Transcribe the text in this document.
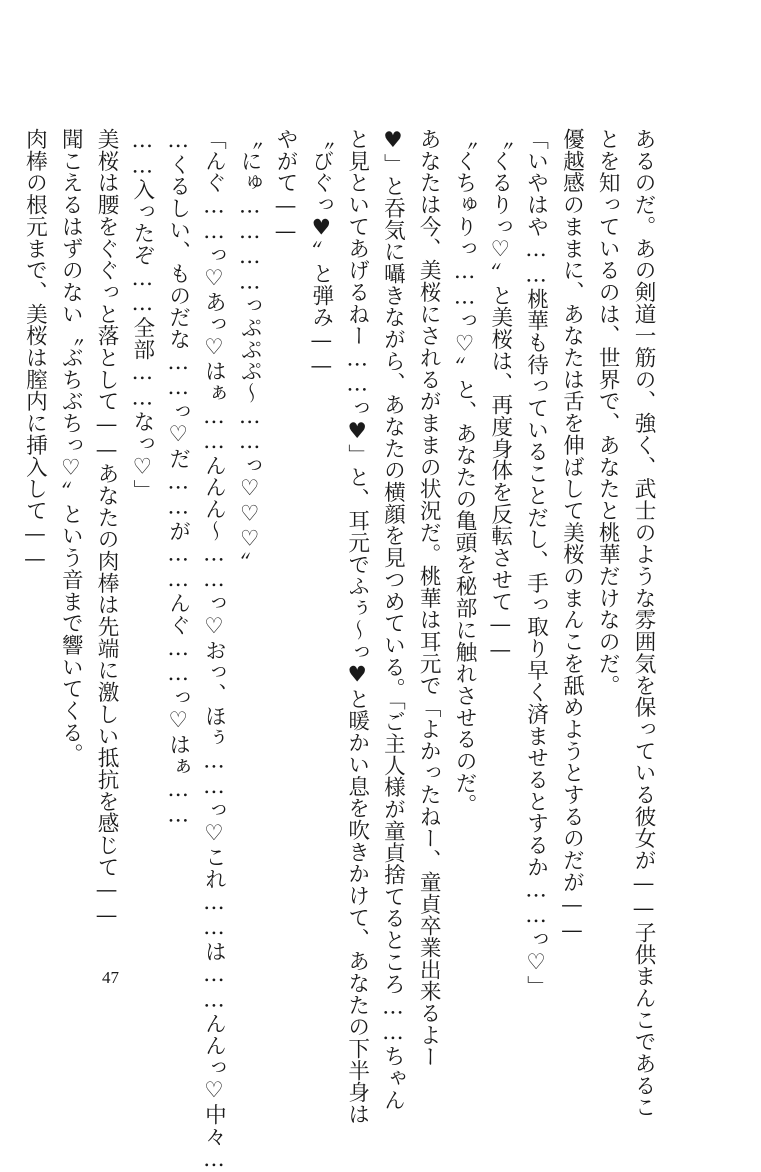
あるのだ。あの剣道一筋の、強く、武士のような雰囲気を保っている彼女が——子供まんこであるこ
とを知っているのは、世界で、あなたと桃華だけなのだ。
優越感のままに、あなたは舌を伸ばして美桜のまんこを舐めようとするのだが——
「いやはや……桃華も待っていることだし、手っ取り早く済ませるとするか……っ♡」
〝くるりっ♡〟と美桜は、再度身体を反転させて——
〝くちゅりっ……っ♡〟と、あなたの亀頭を秘部に触れさせるのだ。
あなたは今、美桜にされるがままの状況だ。桃華は耳元で「よかったねー、童貞卒業出来るよー
♥」と吞気に囁きながら、あなたの横顔を見つめている。「ご主人様が童貞捨てるところ……ちゃん
と見といてあげるねー……っ♥」と、耳元でふぅ～っ♥と暖かい息を吹きかけて、あなたの下半身は
〝びぐっ♥〟と弾み——
やがて——
〝にゅ…………っぷぷぷ～……っ♡♡♡〟
「んぐ……っ♡あっ♡はぁ……んんん～……っ♡おっ、ほぅ……っ♡これ……は……んんっ♡中々…
…くるしい、ものだな……っ♡だ……が……んぐ……っ♡はぁ……
……入ったぞ……全部……なっ♡」
美桜は腰をぐぐっと落として——あなたの肉棒は先端に激しい抵抗を感じて——
聞こえるはずのない〝ぶちぶちっ♡〟という音まで響いてくる。
肉棒の根元まで、美桜は膣内に挿入して——
47
